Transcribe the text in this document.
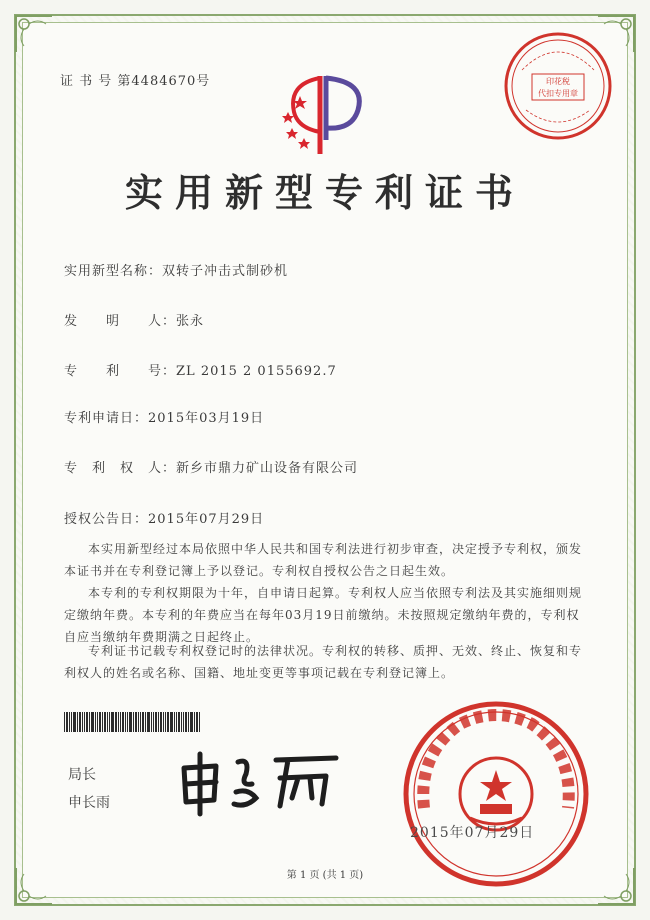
证 书 号 第4484670号	印花税
代扣专用章
实用新型专利证书
实用新型名称：双转子冲击式制砂机
发　　明　　人：张永
专　　利　　号：ZL 2015 2 0155692.7
专利申请日：2015年03月19日
专　利　权　人：新乡市鼎力矿山设备有限公司
授权公告日：2015年07月29日
本实用新型经过本局依照中华人民共和国专利法进行初步审查，决定授予专利权，颁发本证书并在专利登记簿上予以登记。专利权自授权公告之日起生效。
本专利的专利权期限为十年，自申请日起算。专利权人应当依照专利法及其实施细则规定缴纳年费。本专利的年费应当在每年03月19日前缴纳。未按照规定缴纳年费的，专利权自应当缴纳年费期满之日起终止。
专利证书记载专利权登记时的法律状况。专利权的转移、质押、无效、终止、恢复和专利权人的姓名或名称、国籍、地址变更等事项记载在专利登记簿上。
局长
申长雨
2015年07月29日
第 1 页 (共 1 页)
